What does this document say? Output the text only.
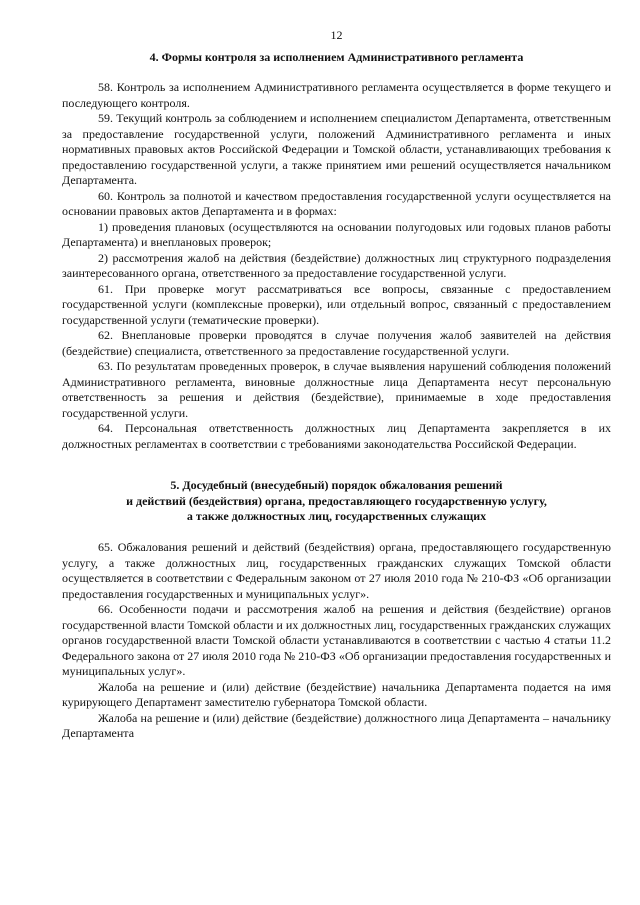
12
4. Формы контроля за исполнением Административного регламента

58. Контроль за исполнением Административного регламента осуществляется в форме текущего и последующего контроля.

59. Текущий контроль за соблюдением и исполнением специалистом Департамента, ответственным за предоставление государственной услуги, положений Административного регламента и иных нормативных правовых актов Российской Федерации и Томской области, устанавливающих требования к предоставлению государственной услуги, а также принятием ими решений осуществляется начальником Департамента.

60. Контроль за полнотой и качеством предоставления государственной услуги осуществляется на основании правовых актов Департамента и в формах:

1) проведения плановых (осуществляются на основании полугодовых или годовых планов работы Департамента) и внеплановых проверок;

2) рассмотрения жалоб на действия (бездействие) должностных лиц структурного подразделения заинтересованного органа, ответственного за предоставление государственной услуги.

61. При проверке могут рассматриваться все вопросы, связанные с предоставлением государственной услуги (комплексные проверки), или отдельный вопрос, связанный с предоставлением государственной услуги (тематические проверки).

62. Внеплановые проверки проводятся в случае получения жалоб заявителей на действия (бездействие) специалиста, ответственного за предоставление государственной услуги.

63. По результатам проведенных проверок, в случае выявления нарушений соблюдения положений Административного регламента, виновные должностные лица Департамента несут персональную ответственность за решения и действия (бездействие), принимаемые в ходе предоставления государственной услуги.

64. Персональная ответственность должностных лиц Департамента закрепляется в их должностных регламентах в соответствии с требованиями законодательства Российской Федерации.

5. Досудебный (внесудебный) порядок обжалования решений
и действий (бездействия) органа, предоставляющего государственную услугу,
а также должностных лиц, государственных служащих

65. Обжалования решений и действий (бездействия) органа, предоставляющего государственную услугу, а также должностных лиц, государственных гражданских служащих Томской области осуществляется в соответствии с Федеральным законом от 27 июля 2010 года № 210-ФЗ «Об организации предоставления государственных и муниципальных услуг».

66. Особенности подачи и рассмотрения жалоб на решения и действия (бездействие) органов государственной власти Томской области и их должностных лиц, государственных гражданских служащих органов государственной власти Томской области устанавливаются в соответствии с частью 4 статьи 11.2 Федерального закона от 27 июля 2010 года № 210-ФЗ «Об организации предоставления государственных и муниципальных услуг».

Жалоба на решение и (или) действие (бездействие) начальника Департамента подается на имя курирующего Департамент заместителю губернатора Томской области.

Жалоба на решение и (или) действие (бездействие) должностного лица Департамента – начальнику Департамента
